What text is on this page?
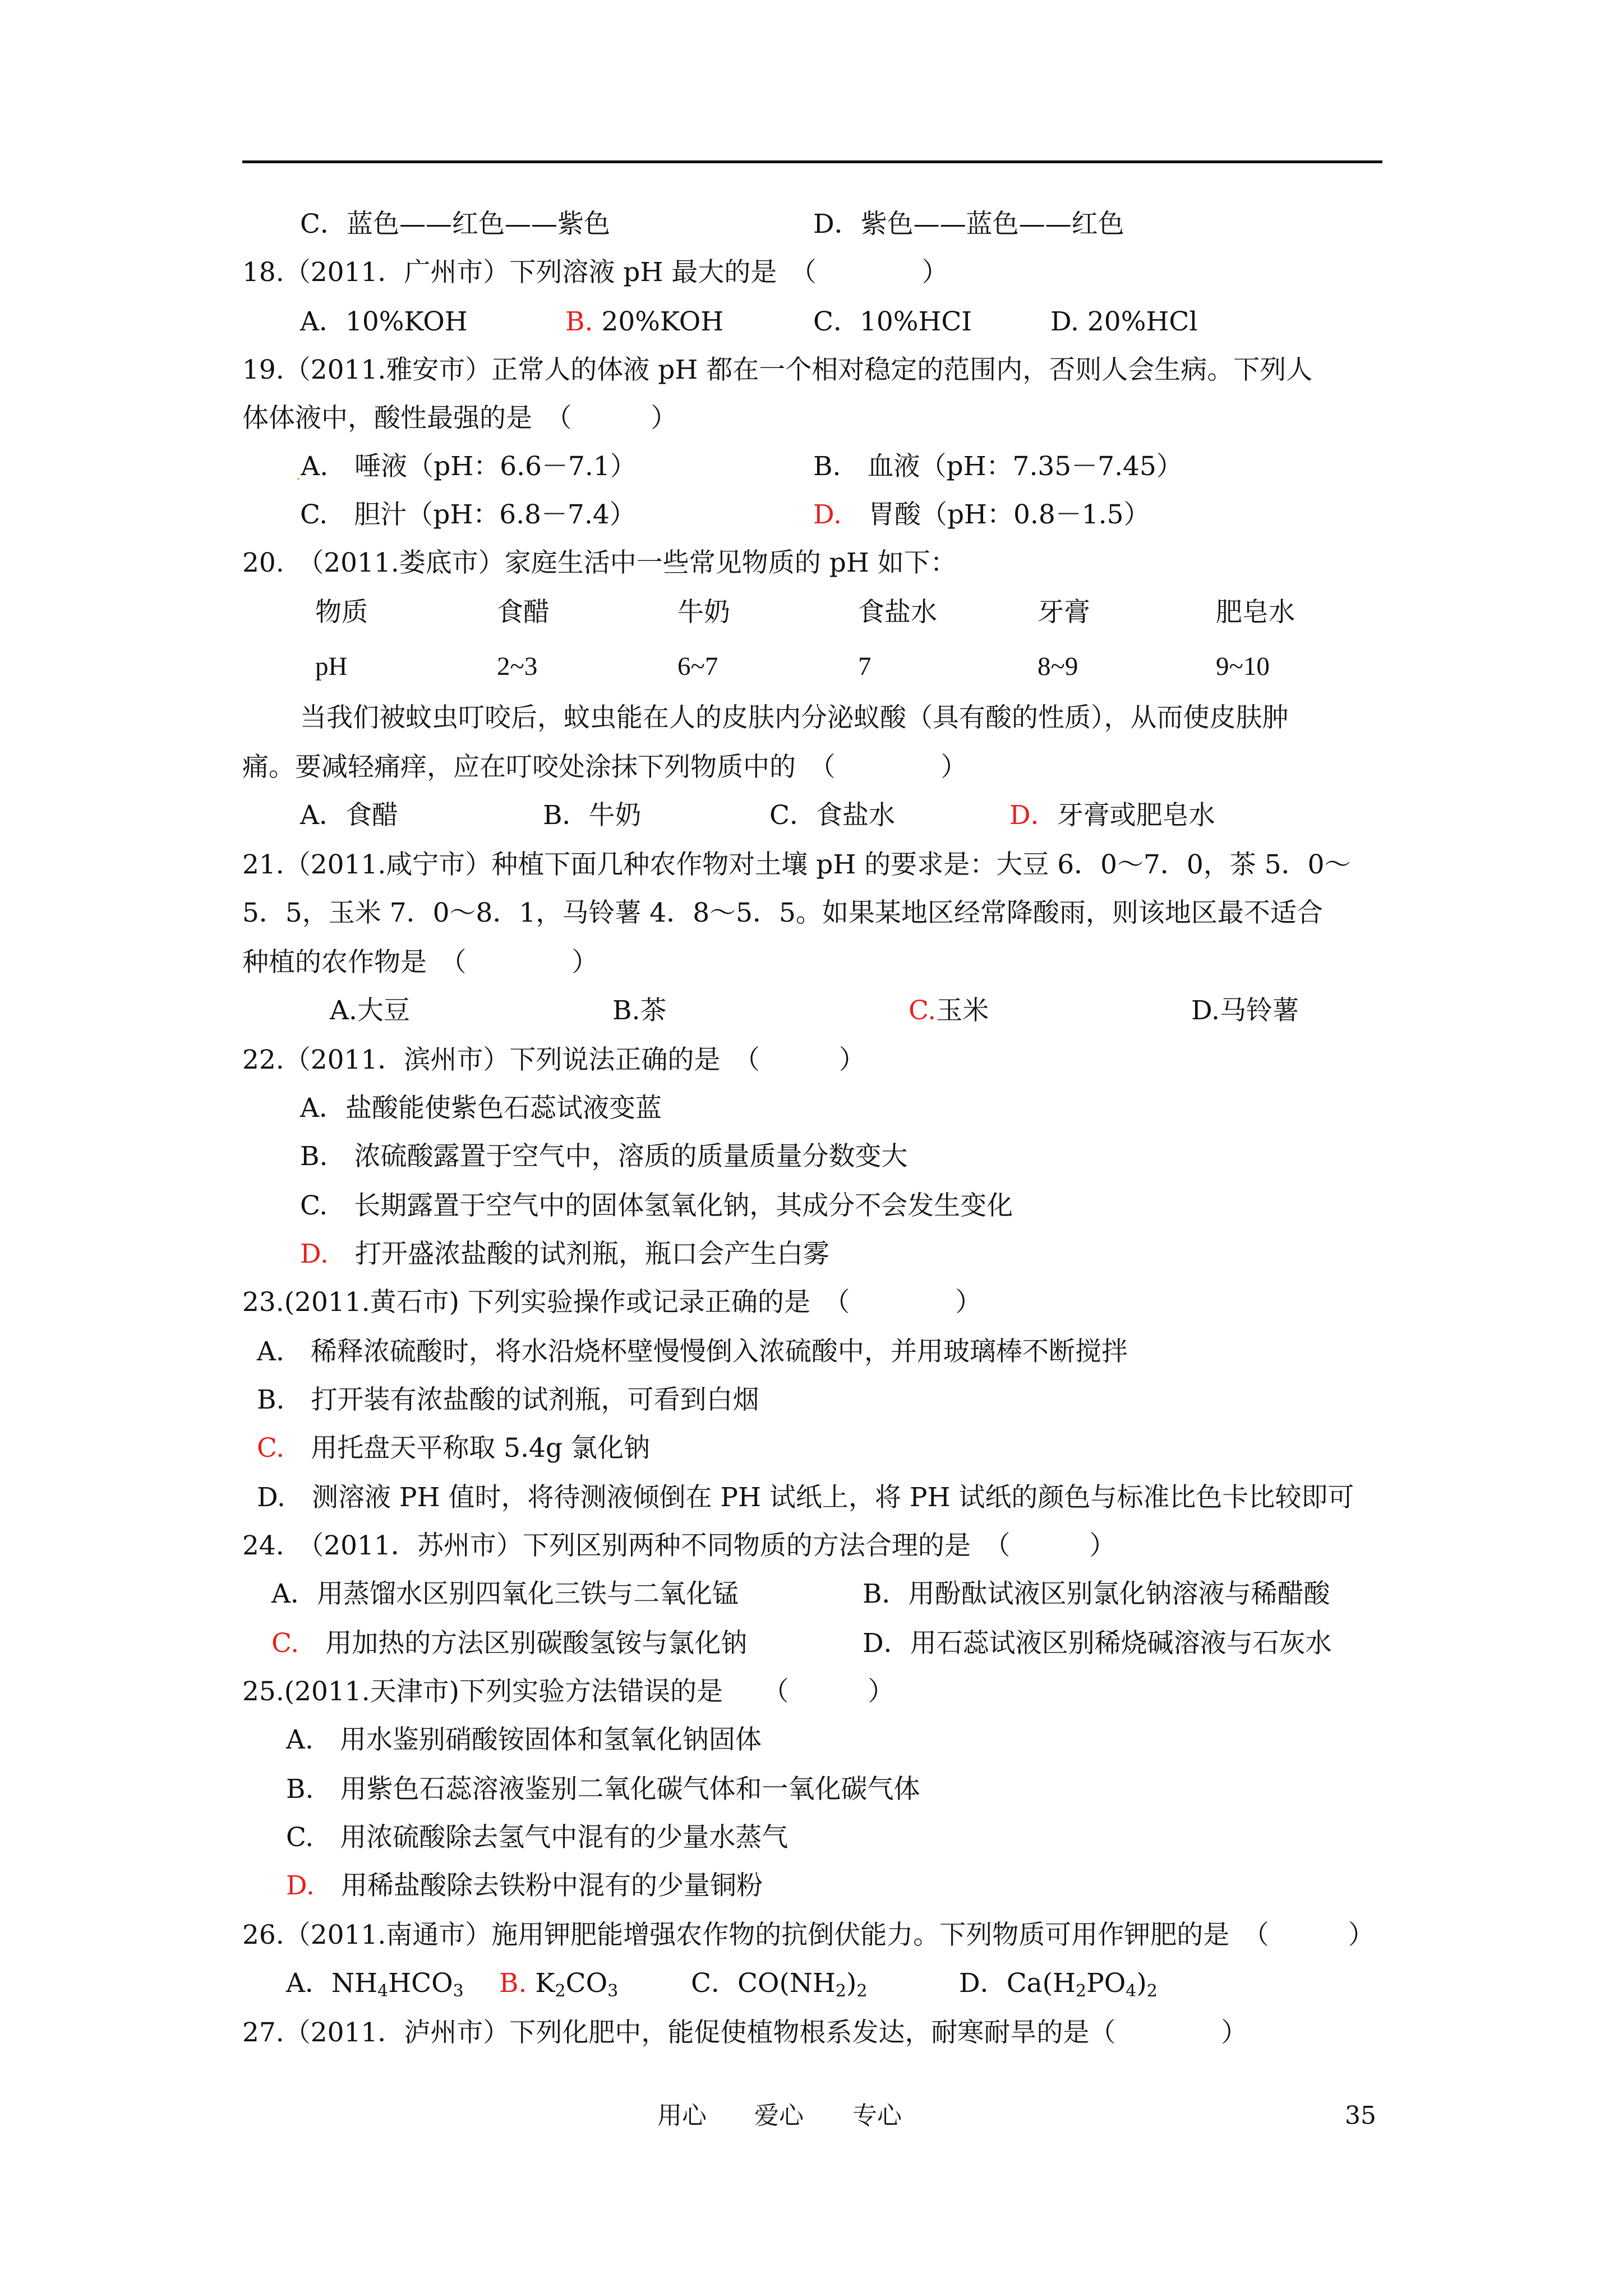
C．蓝色——红色——紫色	D．紫色——蓝色——红色
18.（2011．广州市）下列溶液 pH 最大的是　（　　　　）
A．10%KOH	B. 20%KOH	C．10%HCI	D. 20%HCl
19.（2011.雅安市）正常人的体液 pH 都在一个相对稳定的范围内，否则人会生病。下列人
体体液中，酸性最强的是　（　　　）
.A.　 唾液（pH：6.6－7.1）	B.　 血液（pH：7.35－7.45）
C.　 胆汁（pH：6.8－7.4）	D.　 胃酸（pH：0.8－1.5）
20.　（2011.娄底市）家庭生活中一些常见物质的 pH 如下：
物质	食醋	牛奶	食盐水	牙膏	肥皂水
pH	2~3	6~7	7	8~9	9~10
当我们被蚊虫叮咬后，蚊虫能在人的皮肤内分泌蚁酸（具有酸的性质），从而使皮肤肿
痛。要减轻痛痒，应在叮咬处涂抹下列物质中的　（　　　　）
A．食醋	B．牛奶	C．食盐水	D．牙膏或肥皂水
21.（2011.咸宁市）种植下面几种农作物对土壤 pH 的要求是：大豆 6．0～7．0，茶 5．0～
5．5，玉米 7．0～8．1，马铃薯 4．8～5．5。如果某地区经常降酸雨，则该地区最不适合
种植的农作物是　（　　　　）
A.大豆	B.茶	C.玉米	D.马铃薯
22.（2011．滨州市）下列说法正确的是　（　　　）
A．盐酸能使紫色石蕊试液变蓝
B.　 浓硫酸露置于空气中，溶质的质量质量分数变大
C.　 长期露置于空气中的固体氢氧化钠，其成分不会发生变化
D.　 打开盛浓盐酸的试剂瓶，瓶口会产生白雾
23.(2011.黄石市) 下列实验操作或记录正确的是　（　　　　）
A.　 稀释浓硫酸时，将水沿烧杯壁慢慢倒入浓硫酸中，并用玻璃棒不断搅拌
B.　 打开装有浓盐酸的试剂瓶，可看到白烟
C.　 用托盘天平称取 5.4g 氯化钠
D.　 测溶液 PH 值时，将待测液倾倒在 PH 试纸上，将 PH 试纸的颜色与标准比色卡比较即可
24.　（2011．苏州市）下列区别两种不同物质的方法合理的是　（　　　）
A．用蒸馏水区别四氧化三铁与二氧化锰	B．用酚酞试液区别氯化钠溶液与稀醋酸
C.　 用加热的方法区别碳酸氢铵与氯化钠	D．用石蕊试液区别稀烧碱溶液与石灰水
25.(2011.天津市)下列实验方法错误的是　　（　　　）
A.　 用水鉴别硝酸铵固体和氢氧化钠固体
B.　 用紫色石蕊溶液鉴别二氧化碳气体和一氧化碳气体
C.　 用浓硫酸除去氢气中混有的少量水蒸气
D.　 用稀盐酸除去铁粉中混有的少量铜粉
26.（2011.南通市）施用钾肥能增强农作物的抗倒伏能力。下列物质可用作钾肥的是　（　　　）
A．$NH_4HCO_3$ B. $K_2CO_3$	C．$CO(NH_2)_2$	D．$Ca(H_2PO_4)_2$
27.（2011．泸州市）下列化肥中，能促使植物根系发达，耐寒耐旱的是（　　　　）
用心 爱心 专心	35
